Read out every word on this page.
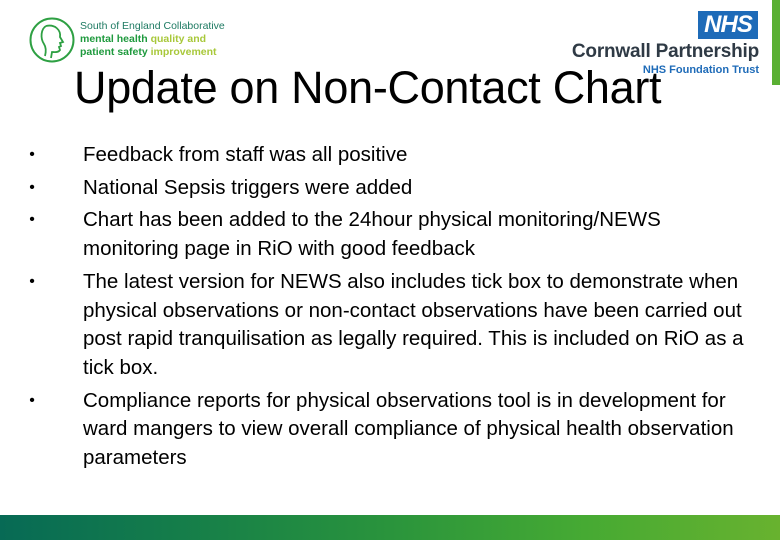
South of England Collaborative
mental health quality and
patient safety improvement
NHS
Cornwall Partnership
NHS Foundation Trust
Update on Non-Contact Chart
• Feedback from staff was all positive
• National Sepsis triggers were added
• Chart has been added to the 24hour physical monitoring/NEWS monitoring page in RiO with good feedback
• The latest version for NEWS also includes tick box to demonstrate when physical observations or non-contact observations have been carried out post rapid tranquilisation as legally required. This is included on RiO as a tick box.
• Compliance reports for physical observations tool is in development for ward mangers to view overall compliance of physical health observation parameters
